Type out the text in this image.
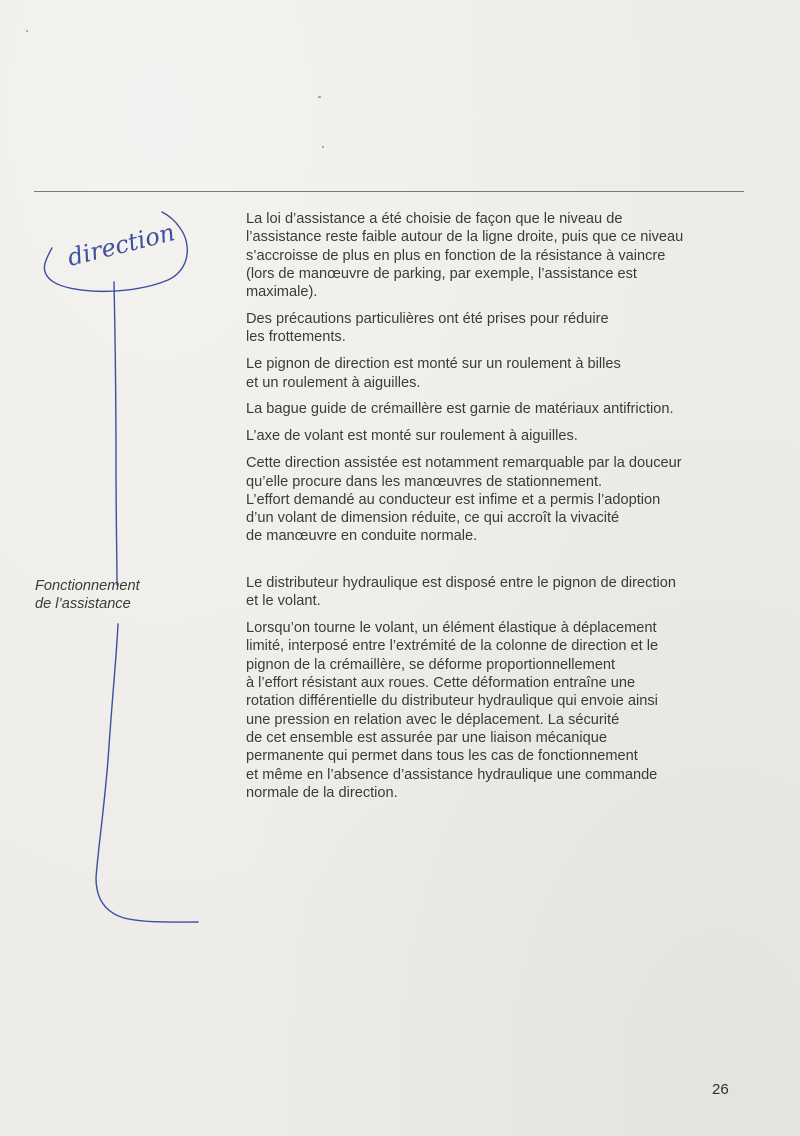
direction	La loi d’assistance a été choisie de façon que le niveau de
l’assistance reste faible autour de la ligne droite, puis que ce niveau
s’accroisse de plus en plus en fonction de la résistance à vaincre
(lors de manœuvre de parking, par exemple, l’assistance est
maximale).

Des précautions particulières ont été prises pour réduire
les frottements.

Le pignon de direction est monté sur un roulement à billes
et un roulement à aiguilles.

La bague guide de crémaillère est garnie de matériaux antifriction.

L’axe de volant est monté sur roulement à aiguilles.

Cette direction assistée est notamment remarquable par la douceur
qu’elle procure dans les manœuvres de stationnement.
L’effort demandé au conducteur est infime et a permis l’adoption
d’un volant de dimension réduite, ce qui accroît la vivacité
de manœuvre en conduite normale.

Fonctionnement
de l’assistance

Le distributeur hydraulique est disposé entre le pignon de direction
et le volant.

Lorsqu’on tourne le volant, un élément élastique à déplacement
limité, interposé entre l’extrémité de la colonne de direction et le
pignon de la crémaillère, se déforme proportionnellement
à l’effort résistant aux roues. Cette déformation entraîne une
rotation différentielle du distributeur hydraulique qui envoie ainsi
une pression en relation avec le déplacement. La sécurité
de cet ensemble est assurée par une liaison mécanique
permanente qui permet dans tous les cas de fonctionnement
et même en l’absence d’assistance hydraulique une commande
normale de la direction.

26
